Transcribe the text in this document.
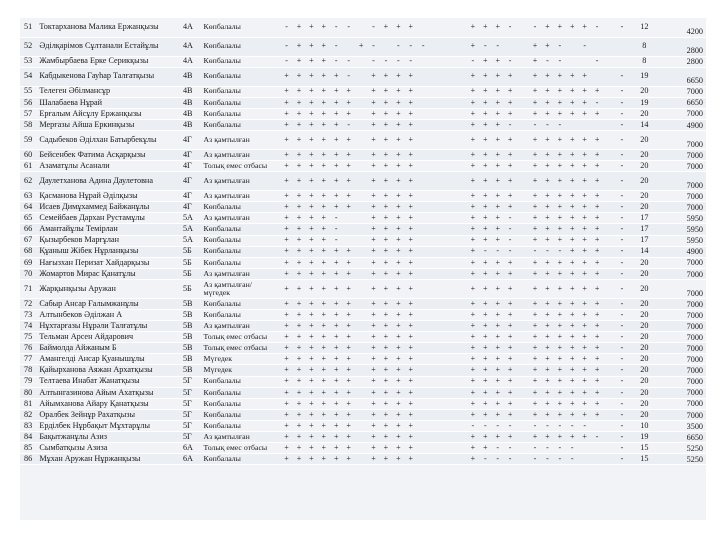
51	Токтарханова Малика Ержанқызы	4А	Көпбалалы	-	+	+	+	-	-		-	+	+	+					+	+	+	-		-	+	+	+	+	-		-	12	4200
52	Әділқарімов Сұлтанали Естайұлы	4А	Көпбалалы	-	+	+	+	-		+	-		-	-	-				+	-	-			+	+	-		-				8	2800
53	Жамбырбаева Ерке Серикқызы	4А	Көпбалалы	-	+	+	+	-	-		-	-	-	-					-	+	+	-		+	-	-			-			8	2800
54	Кабдыкенова Гауһар Талғатқызы	4В	Көпбалалы	+	+	+	+	+	-		+	+	+	+					+	+	+	+		+	+	+	+	+			-	19	6650
55	Телеген Әбілмансұр	4В	Көпбалалы	+	+	+	+	+	+		+	+	+	+					+	+	+	+		+	+	+	+	+	+		-	20	7000
56	Шалабаева Нұрай	4В	Көпбалалы	+	+	+	+	+	+		+	+	+	+					+	+	+	+		+	+	+	+	+	-		-	19	6650
57	Ерғалым Айсұлу Ержанқызы	4В	Көпбалалы	+	+	+	+	+	+		+	+	+	+					+	+	+	+		+	+	+	+	+	+		-	20	7000
58	Мерғазы Айша Еркинқызы	4В	Көпбалалы	+	+	+	+	+	-		+	+	+	+					+	+	+	-		-	-	-					-	14	4900
59	Садыбеков Әділхан Батырбекұлы	4Г	Аз қамтылған	+	+	+	+	+	+		+	+	+	+					+	+	+	+		+	+	+	+	+	+		-	20	7000
60	Бейсенбек Фатима Асқарқызы	4Г	Аз қамтылған	+	+	+	+	+	+		+	+	+	+					+	+	+	+		+	+	+	+	+	+		-	20	7000
61	Азаматұлы Асанали	4Г	Толық емес отбасы	+	+	+	+	+	+		+	+	+	+					+	+	+	+		+	+	+	+	+	+		-	20	7000
62	Даулетханова Адина Даулетовна	4Г	Аз қамтылған	+	+	+	+	+	+		+	+	+	+					+	+	+	+		+	+	+	+	+	+		-	20	7000
63	Қасманова Нұрай Әділқызы	4Г	Аз қамтылған	+	+	+	+	+	+		+	+	+	+					+	+	+	+		+	+	+	+	+	+		-	20	7000
64	Исаев Димұхаммед Байжанұлы	4Г	Көпбалалы	+	+	+	+	+	+		+	+	+	+					+	+	+	+		+	+	+	+	+	+		-	20	7000
65	Семейбаев Дархан Рустамұлы	5А	Аз қамтылған	+	+	+	+	-			+	+	+	+					+	+	+	-		+	+	+	+	+	+		-	17	5950
66	Амантайұлы Темірлан	5А	Көпбалалы	+	+	+	+	-			+	+	+	+					+	+	+	-		+	+	+	+	+	+		-	17	5950
67	Қызырбеков Марғұлан	5А	Көпбалалы	+	+	+	+	-			+	+	+	+					+	+	+	-		+	+	+	+	+	+		-	17	5950
68	Құаныш Жібек Нұрланқызы	5Б	Көпбалалы	+	+	+	+	+	+		+	+	+	+					+	-	-	-		-	-	-	+	+	+		-	14	4900
69	Нағызхан Перизат Хайдарқызы	5Б	Көпбалалы	+	+	+	+	+	+		+	+	+	+					+	+	+	+		+	+	+	+	+	+		-	20	7000
70	Жомартов Мирас Қанатұлы	5Б	Аз қамтылған	+	+	+	+	+	+		+	+	+	+					+	+	+	+		+	+	+	+	+	+		-	20	7000
71	Жарқынқызы Аружан	5Б	Аз қамтылған/ мүгедек	+	+	+	+	+	+		+	+	+	+					+	+	+	+		+	+	+	+	+	+		-	20	7000
72	Сабыр Ансар Ғалымжанұлы	5В	Көпбалалы	+	+	+	+	+	+		+	+	+	+					+	+	+	+		+	+	+	+	+	+		-	20	7000
73	Алтынбеков Әділжан А	5В	Көпбалалы	+	+	+	+	+	+		+	+	+	+					+	+	+	+		+	+	+	+	+	+		-	20	7000
74	Нұхтарғазы Нұрәли Талғатұлы	5В	Аз қамтылған	+	+	+	+	+	+		+	+	+	+					+	+	+	+		+	+	+	+	+	+		-	20	7000
75	Тельман Арсен Айдарович	5В	Толық емес отбасы	+	+	+	+	+	+		+	+	+	+					+	+	+	+		+	+	+	+	+	+		-	20	7000
76	Баймолда Айжаным Б	5В	Толық емес отбасы	+	+	+	+	+	+		+	+	+	+					+	+	+	+		+	+	+	+	+	+		-	20	7000
77	Амангелді Ансар Қуанышұлы	5В	Мүгедек	+	+	+	+	+	+		+	+	+	+					+	+	+	+		+	+	+	+	+	+		-	20	7000
78	Қайырханова Аяжан Архатқызы	5В	Мүгедек	+	+	+	+	+	+		+	+	+	+					+	+	+	+		+	+	+	+	+	+		-	20	7000
79	Телтаева Инабат Жанатқызы	5Г	Көпбалалы	+	+	+	+	+	+		+	+	+	+					+	+	+	+		+	+	+	+	+	+		-	20	7000
80	Алтынгазинова Айым Ахатқызы	5Г	Көпбалалы	+	+	+	+	+	+		+	+	+	+					+	+	+	+		+	+	+	+	+	+		-	20	7000
81	Айымханова Айару Қанатқызы	5Г	Көпбалалы	+	+	+	+	+	+		+	+	+	+					+	+	+	+		+	+	+	+	+	+		-	20	7000
82	Оралбек Зейнұр Рахатқызы	5Г	Көпбалалы	+	+	+	+	+	+		+	+	+	+					+	+	+	+		+	+	+	+	+	+		-	20	7000
83	Ерділбек Нұрбақыт Мұхтарұлы	5Г	Көпбалалы	+	+	+	+	+	+		+	+	+	+					-	-	-	-		-	-	-	-	-			-	10	3500
84	Бақытжанұлы Азиз	5Г	Аз қамтылған	+	+	+	+	+	+		+	+	+	+					+	+	+	+		+	+	+	+	+	-		-	19	6650
85	Сымбатқызы Азиза	6А	Толық емес отбасы	+	+	+	+	+	+		+	+	+	+					+	+	-	-		-	-	-	-				-	15	5250
86	Мұхан Аружан Нұржанқызы	6А	Көпбалалы	+	+	+	+	+	+		+	+	+	+					+	-	-	-		-	-	-	-				-	15	5250
